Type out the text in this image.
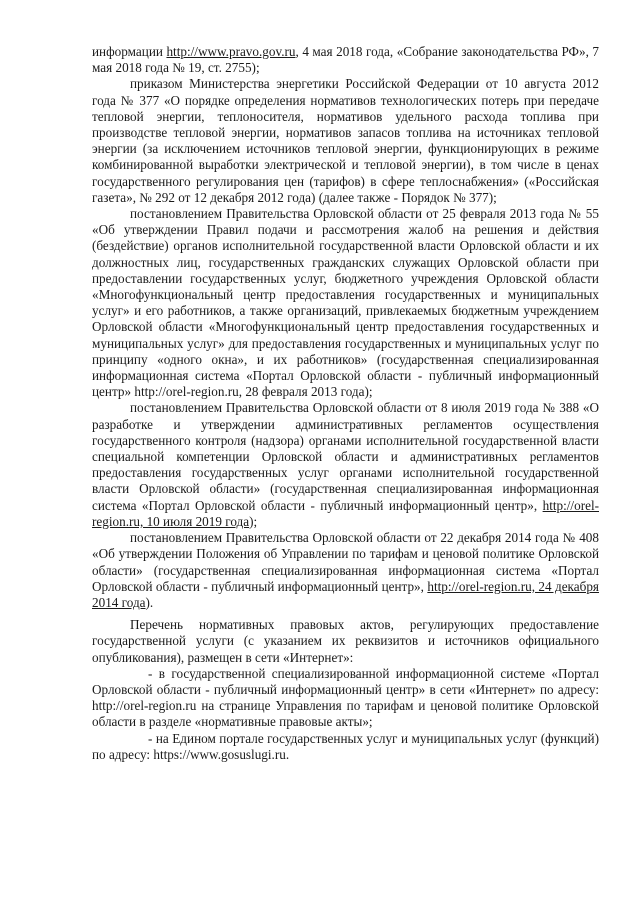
информации http://www.pravo.gov.ru, 4 мая 2018 года, «Собрание законодательства РФ», 7 мая 2018 года № 19, ст. 2755);

приказом Министерства энергетики Российской Федерации от 10 августа 2012 года № 377 «О порядке определения нормативов технологических потерь при передаче тепловой энергии, теплоносителя, нормативов удельного расхода топлива при производстве тепловой энергии, нормативов запасов топлива на источниках тепловой энергии (за исключением источников тепловой энергии, функционирующих в режиме комбинированной выработки электрической и тепловой энергии), в том числе в ценах государственного регулирования цен (тарифов) в сфере теплоснабжения» («Российская газета», № 292 от 12 декабря 2012 года) (далее также - Порядок № 377);

постановлением Правительства Орловской области от 25 февраля 2013 года № 55 «Об утверждении Правил подачи и рассмотрения жалоб на решения и действия (бездействие) органов исполнительной государственной власти Орловской области и их должностных лиц, государственных гражданских служащих Орловской области при предоставлении государственных услуг, бюджетного учреждения Орловской области «Многофункциональный центр предоставления государственных и муниципальных услуг» и его работников, а также организаций, привлекаемых бюджетным учреждением Орловской области «Многофункциональный центр предоставления государственных и муниципальных услуг» для предоставления государственных и муниципальных услуг по принципу «одного окна», и их работников» (государственная специализированная информационная система «Портал Орловской области - публичный информационный центр» http://orel-region.ru, 28 февраля 2013 года);

постановлением Правительства Орловской области от 8 июля 2019 года № 388 «О разработке и утверждении административных регламентов осуществления государственного контроля (надзора) органами исполнительной государственной власти специальной компетенции Орловской области и административных регламентов предоставления государственных услуг органами исполнительной государственной власти Орловской области» (государственная специализированная информационная система «Портал Орловской области - публичный информационный центр», http://orel-region.ru, 10 июля 2019 года);

постановлением Правительства Орловской области от 22 декабря 2014 года № 408 «Об утверждении Положения об Управлении по тарифам и ценовой политике Орловской области» (государственная специализированная информационная система «Портал Орловской области - публичный информационный центр», http://orel-region.ru, 24 декабря 2014 года).

Перечень нормативных правовых актов, регулирующих предоставление государственной услуги (с указанием их реквизитов и источников официального опубликования), размещен в сети «Интернет»:

- в государственной специализированной информационной системе «Портал Орловской области - публичный информационный центр» в сети «Интернет» по адресу: http://orel-region.ru на странице Управления по тарифам и ценовой политике Орловской области в разделе «нормативные правовые акты»;

- на Едином портале государственных услуг и муниципальных услуг (функций) по адресу: https://www.gosuslugi.ru.
